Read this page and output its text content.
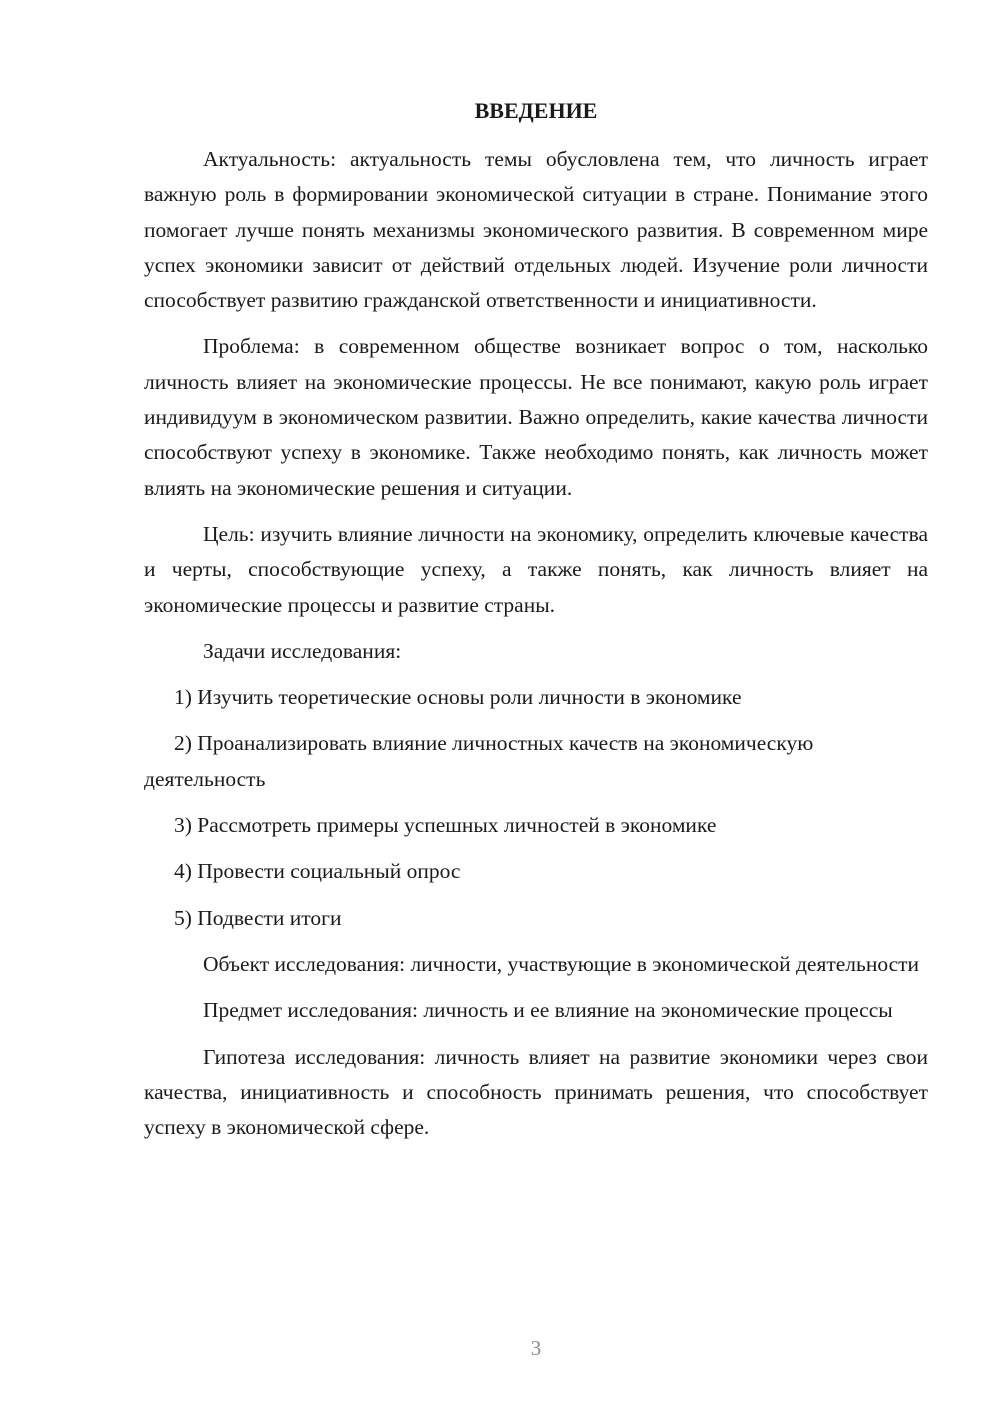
ВВЕДЕНИЕ

Актуальность: актуальность темы обусловлена тем, что личность играет важную роль в формировании экономической ситуации в стране. Понимание этого помогает лучше понять механизмы экономического развития. В современном мире успех экономики зависит от действий отдельных людей. Изучение роли личности способствует развитию гражданской ответственности и инициативности.

Проблема: в современном обществе возникает вопрос о том, насколько личность влияет на экономические процессы. Не все понимают, какую роль играет индивидуум в экономическом развитии. Важно определить, какие качества личности способствуют успеху в экономике. Также необходимо понять, как личность может влиять на экономические решения и ситуации.

Цель: изучить влияние личности на экономику, определить ключевые качества и черты, способствующие успеху, а также понять, как личность влияет на экономические процессы и развитие страны.

Задачи исследования:

1) Изучить теоретические основы роли личности в экономике

2) Проанализировать влияние личностных качеств на экономическую деятельность

3) Рассмотреть примеры успешных личностей в экономике

4) Провести социальный опрос

5) Подвести итоги

Объект исследования: личности, участвующие в экономической деятельности

Предмет исследования: личность и ее влияние на экономические процессы

Гипотеза исследования: личность влияет на развитие экономики через свои качества, инициативность и способность принимать решения, что способствует успеху в экономической сфере.

3
